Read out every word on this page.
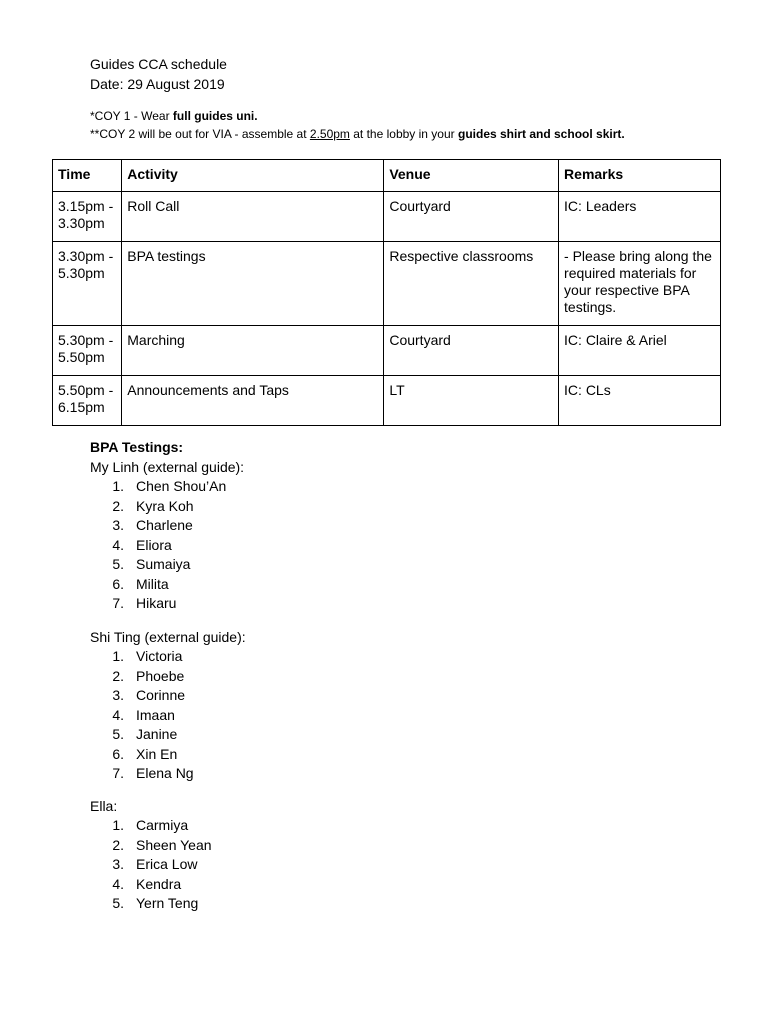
Guides CCA schedule
Date: 29 August 2019
*COY 1 - Wear full guides uni.
**COY 2 will be out for VIA - assemble at 2.50pm at the lobby in your guides shirt and school skirt.
Time	Activity	Venue	Remarks
3.15pm - 3.30pm	Roll Call	Courtyard	IC: Leaders
3.30pm - 5.30pm	BPA testings	Respective classrooms	- Please bring along the required materials for your respective BPA testings.
5.30pm - 5.50pm	Marching	Courtyard	IC: Claire & Ariel
5.50pm - 6.15pm	Announcements and Taps	LT	IC: CLs
BPA Testings:
My Linh (external guide):
1. Chen Shou’An
2. Kyra Koh
3. Charlene
4. Eliora
5. Sumaiya
6. Milita
7. Hikaru
Shi Ting (external guide):
1. Victoria
2. Phoebe
3. Corinne
4. Imaan
5. Janine
6. Xin En
7. Elena Ng
Ella:
1. Carmiya
2. Sheen Yean
3. Erica Low
4. Kendra
5. Yern Teng
